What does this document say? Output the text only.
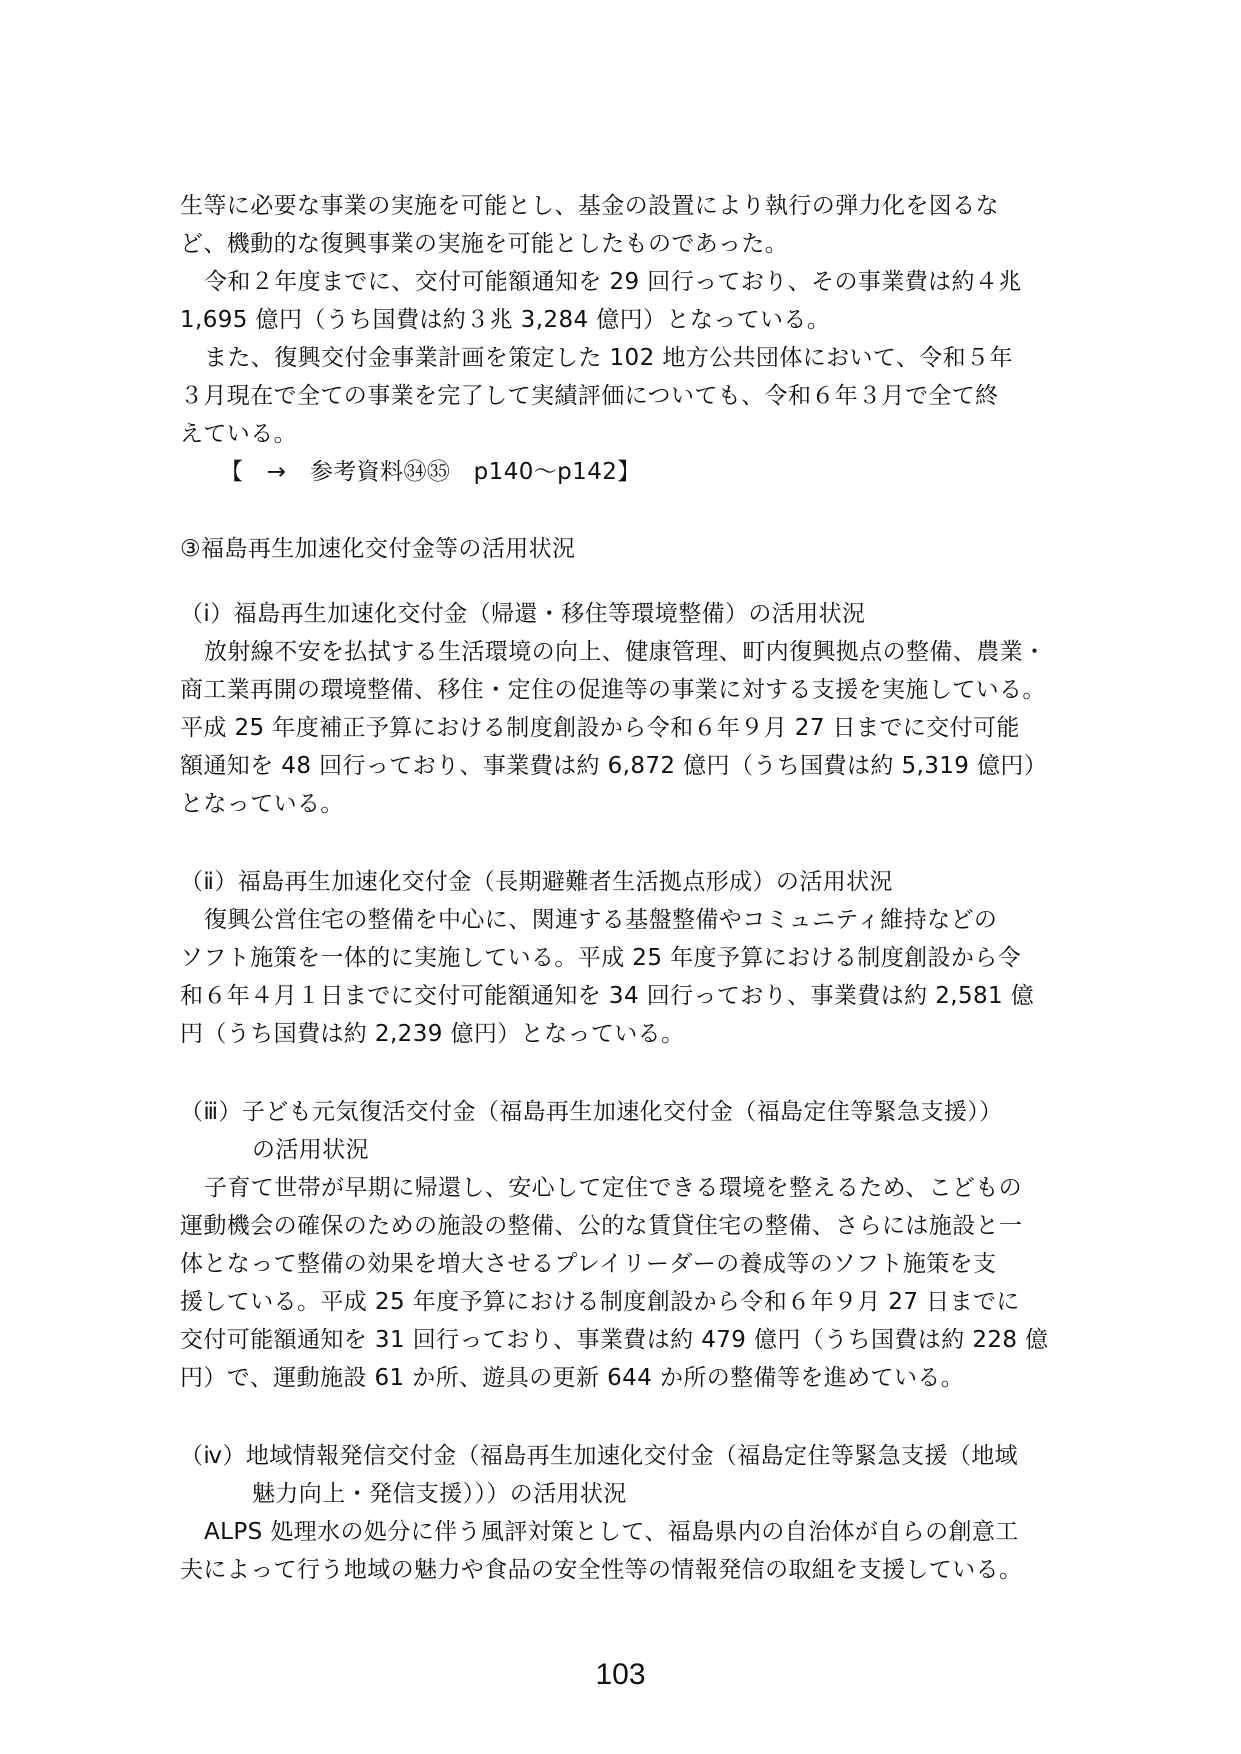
生等に必要な事業の実施を可能とし、基金の設置により執行の弾力化を図るな
ど、機動的な復興事業の実施を可能としたものであった。
令和２年度までに、交付可能額通知を 29 回行っており、その事業費は約４兆
1,695 億円（うち国費は約３兆 3,284 億円）となっている。
また、復興交付金事業計画を策定した 102 地方公共団体において、令和５年
３月現在で全ての事業を完了して実績評価についても、令和６年３月で全て終
えている。
【　→　参考資料㉞㉟　p140～p142】
③福島再生加速化交付金等の活用状況
（ⅰ）福島再生加速化交付金（帰還・移住等環境整備）の活用状況
放射線不安を払拭する生活環境の向上、健康管理、町内復興拠点の整備、農業・
商工業再開の環境整備、移住・定住の促進等の事業に対する支援を実施している。
平成 25 年度補正予算における制度創設から令和６年９月 27 日までに交付可能
額通知を 48 回行っており、事業費は約 6,872 億円（うち国費は約 5,319 億円）
となっている。
（ⅱ）福島再生加速化交付金（長期避難者生活拠点形成）の活用状況
復興公営住宅の整備を中心に、関連する基盤整備やコミュニティ維持などの
ソフト施策を一体的に実施している。平成 25 年度予算における制度創設から令
和６年４月１日までに交付可能額通知を 34 回行っており、事業費は約 2,581 億
円（うち国費は約 2,239 億円）となっている。
（ⅲ）子ども元気復活交付金（福島再生加速化交付金（福島定住等緊急支援））
の活用状況
子育て世帯が早期に帰還し、安心して定住できる環境を整えるため、こどもの
運動機会の確保のための施設の整備、公的な賃貸住宅の整備、さらには施設と一
体となって整備の効果を増大させるプレイリーダーの養成等のソフト施策を支
援している。平成 25 年度予算における制度創設から令和６年９月 27 日までに
交付可能額通知を 31 回行っており、事業費は約 479 億円（うち国費は約 228 億
円）で、運動施設 61 か所、遊具の更新 644 か所の整備等を進めている。
（ⅳ）地域情報発信交付金（福島再生加速化交付金（福島定住等緊急支援（地域
魅力向上・発信支援）））の活用状況
ALPS 処理水の処分に伴う風評対策として、福島県内の自治体が自らの創意工
夫によって行う地域の魅力や食品の安全性等の情報発信の取組を支援している。
103
